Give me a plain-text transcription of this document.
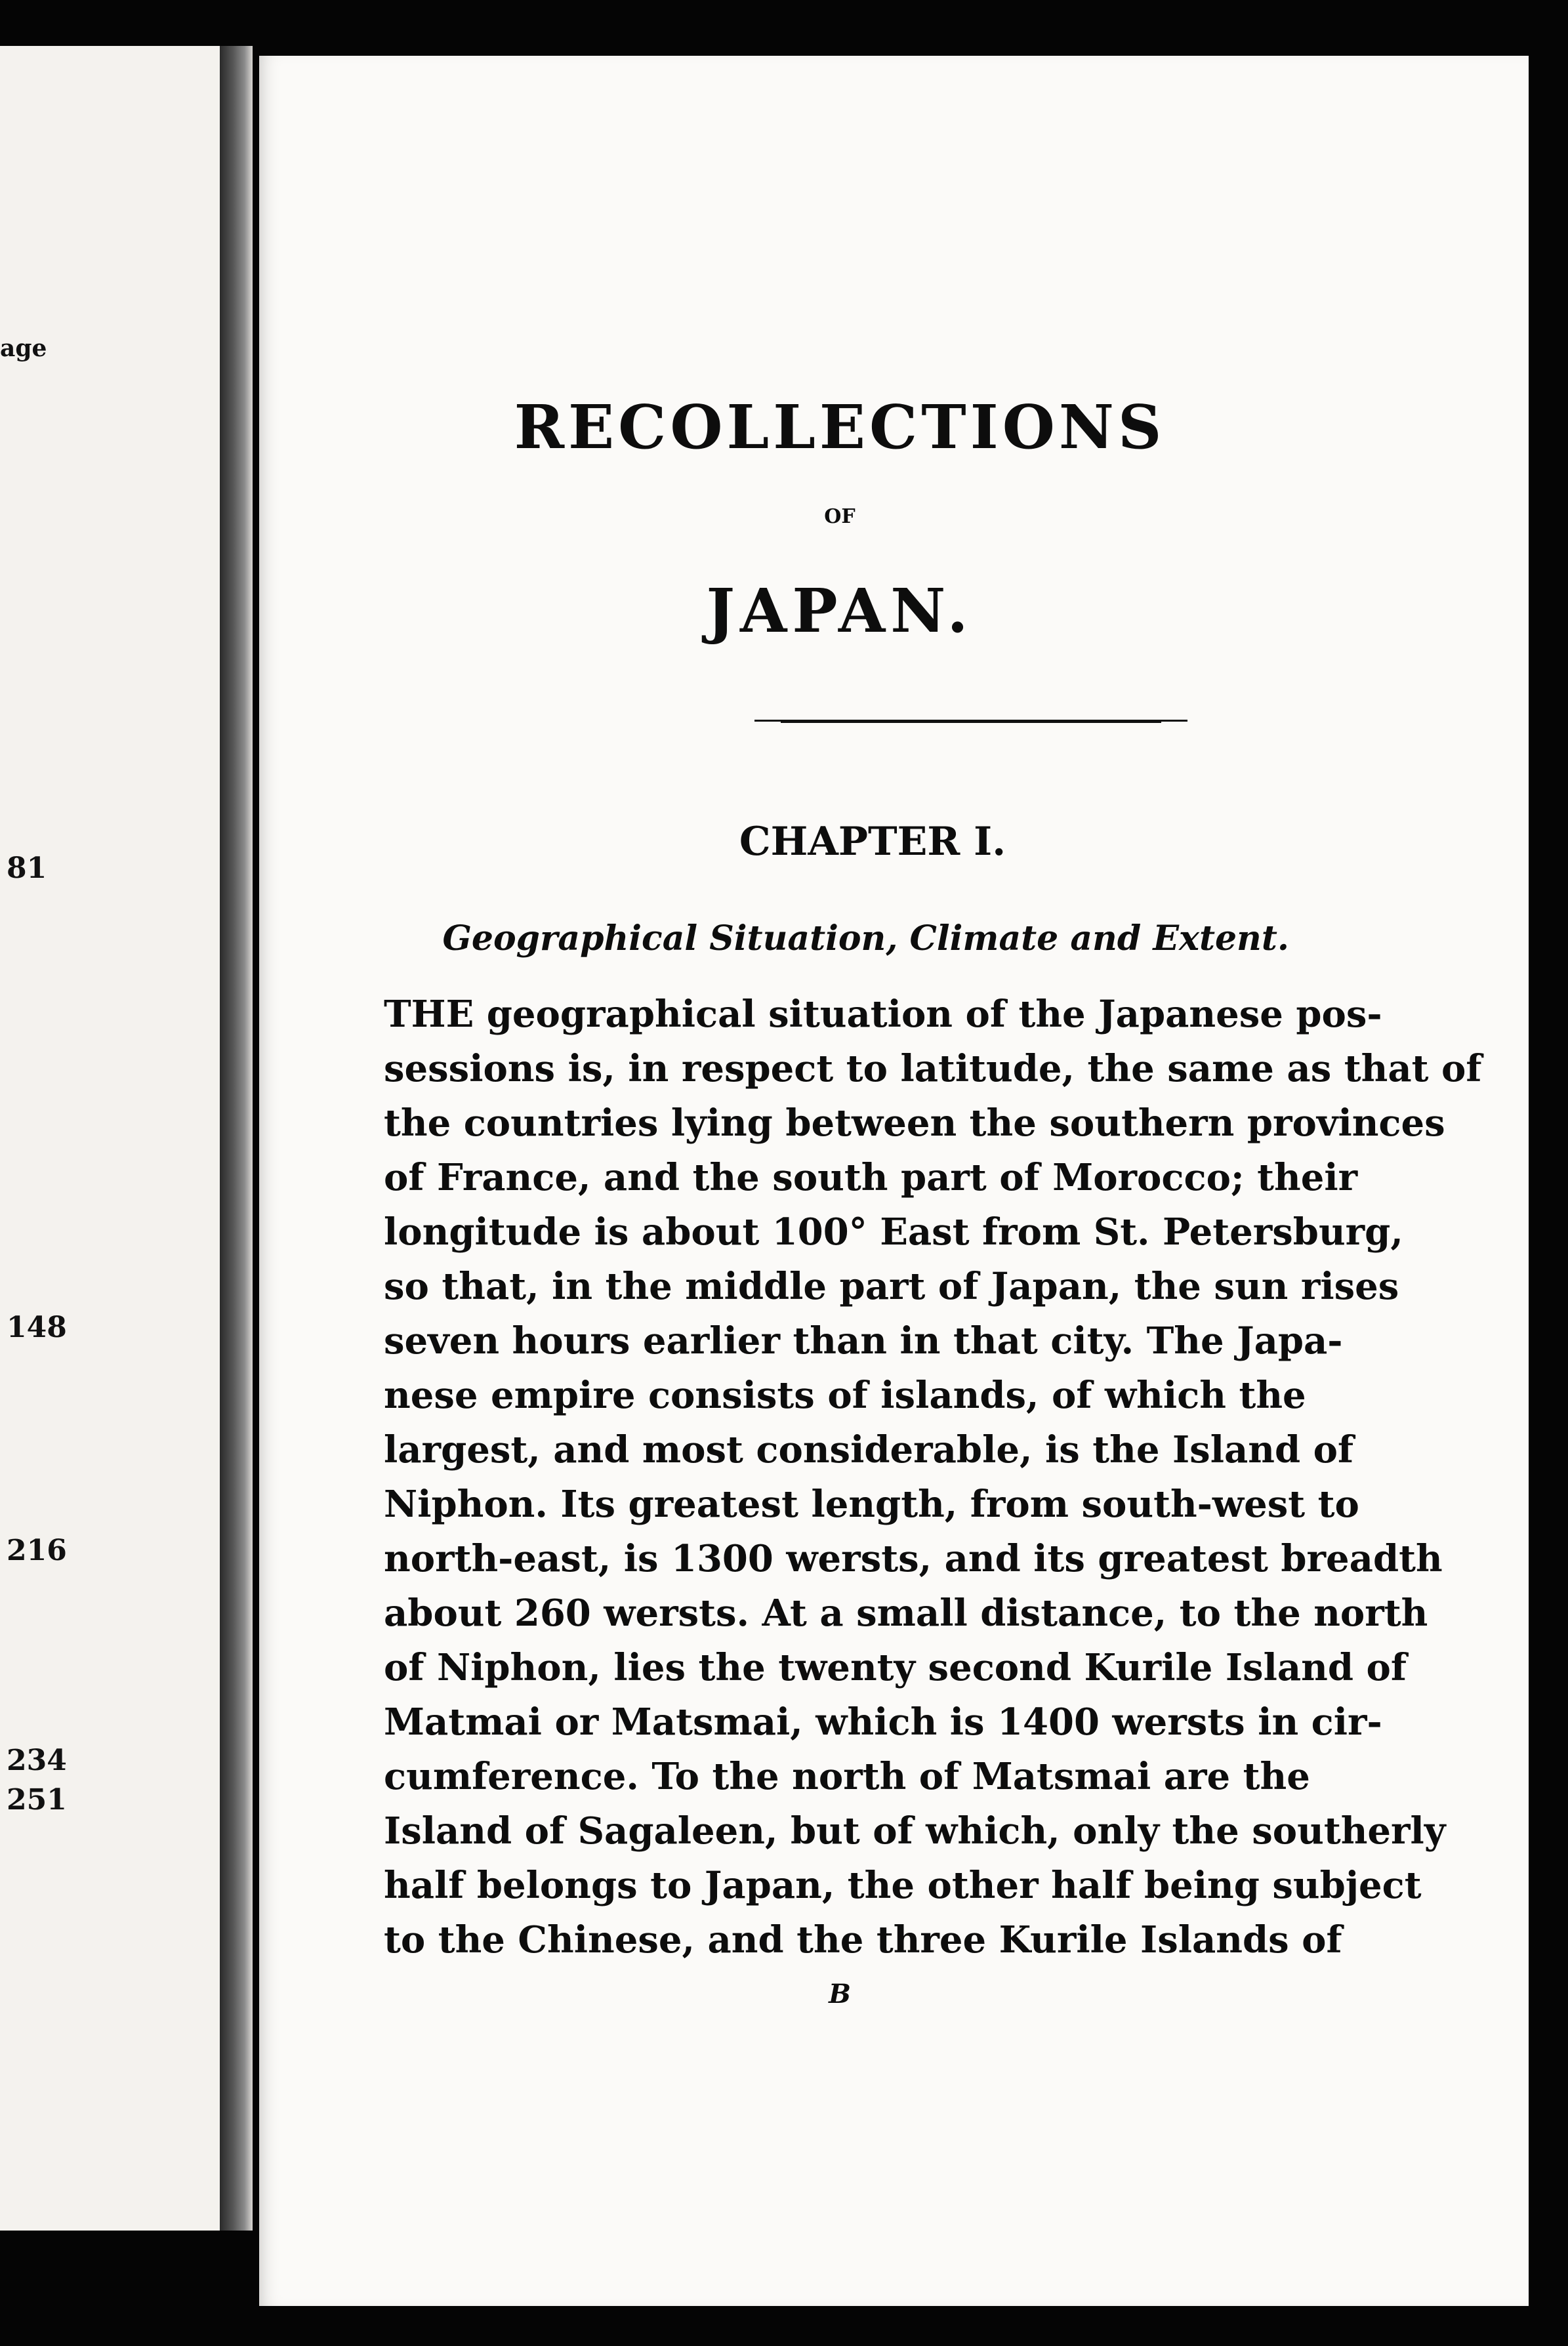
age
81
148
216
234
251
RECOLLECTIONS
OF
JAPAN.
CHAPTER I.
Geographical Situation, Climate and Extent.
THE geographical situation of the Japanese pos-
sessions is, in respect to latitude, the same as that of
the countries lying between the southern provinces
of France, and the south part of Morocco; their
longitude is about 100° East from St. Petersburg,
so that, in the middle part of Japan, the sun rises
seven hours earlier than in that city. The Japa-
nese empire consists of islands, of which the
largest, and most considerable, is the Island of
Niphon. Its greatest length, from south-west to
north-east, is 1300 wersts, and its greatest breadth
about 260 wersts. At a small distance, to the north
of Niphon, lies the twenty second Kurile Island of
Matmai or Matsmai, which is 1400 wersts in cir-
cumference. To the north of Matsmai are the
Island of Sagaleen, but of which, only the southerly
half belongs to Japan, the other half being subject
to the Chinese, and the three Kurile Islands of
B
